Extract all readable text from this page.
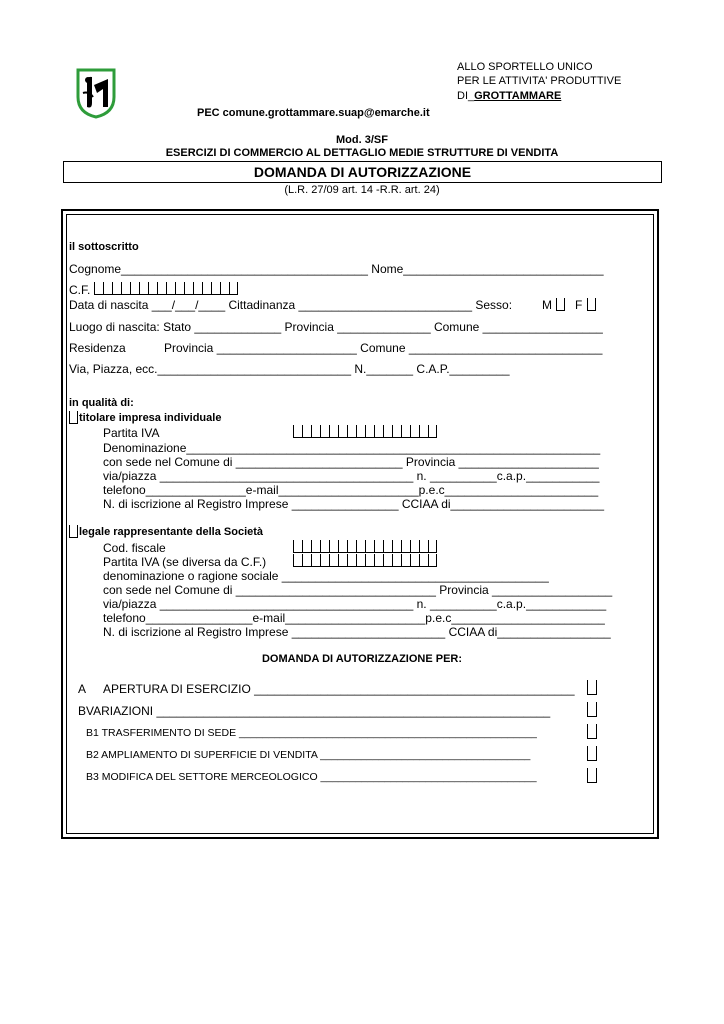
ALLO SPORTELLO UNICO
PER LE ATTIVITA' PRODUTTIVE
DI_GROTTAMMARE
PEC comune.grottammare.suap@emarche.it
Mod. 3/SF
ESERCIZI DI COMMERCIO AL DETTAGLIO MEDIE STRUTTURE DI VENDITA
DOMANDA DI AUTORIZZAZIONE
(L.R. 27/09 art. 14 -R.R. art. 24)
il sottoscritto
Cognome_____________________________________ Nome______________________________
C.F.
Data di nascita ___/___/____ Cittadinanza __________________________ Sesso: M F
Luogo di nascita: Stato _____________ Provincia ______________ Comune __________________
Residenza	Provincia _____________________ Comune _____________________________
Via, Piazza, ecc._____________________________ N._______ C.A.P._________
in qualità di:
titolare impresa individuale
Partita IVA
Denominazione______________________________________________________________
con sede nel Comune di _________________________ Provincia _____________________
via/piazza ______________________________________ n. __________c.a.p.___________
telefono_______________e-mail_____________________p.e.c_______________________
N. di iscrizione al Registro Imprese ________________ CCIAA di_______________________
legale rappresentante della Società
Cod. fiscale
Partita IVA (se diversa da C.F.)
denominazione o ragione sociale ________________________________________
con sede nel Comune di ______________________________ Provincia __________________
via/piazza ______________________________________ n. __________c.a.p.____________
telefono________________e-mail_____________________p.e.c_______________________
N. di iscrizione al Registro Imprese _______________________ CCIAA di_________________
DOMANDA DI AUTORIZZAZIONE PER:
A APERTURA DI ESERCIZIO ________________________________________________
BVARIAZIONI ___________________________________________________________
B1 TRASFERIMENTO DI SEDE ___________________________________________________
B2 AMPLIAMENTO DI SUPERFICIE DI VENDITA ____________________________________
B3 MODIFICA DEL SETTORE MERCEOLOGICO _____________________________________
